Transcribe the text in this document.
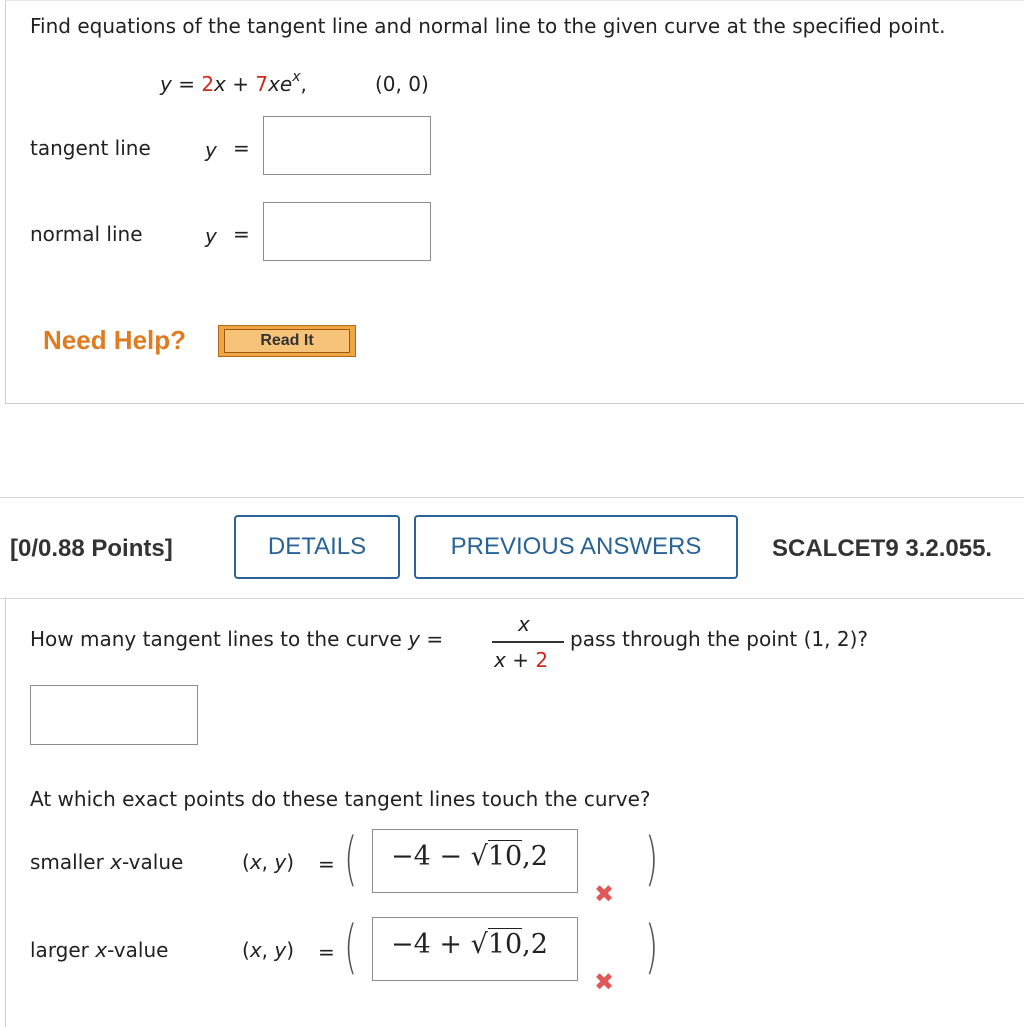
Find equations of the tangent line and normal line to the given curve at the specified point.
$y = 2x + 7xe^x$,	(0, 0)
tangent line	y =
normal line	y =
Need Help?	Read It
[0/0.88 Points]	DETAILS	PREVIOUS ANSWERS	SCALCET9 3.2.055.
How many tangent lines to the curve y =
x
x + 2
pass through the point (1, 2)?
At which exact points do these tangent lines touch the curve?
smaller x-value	(x, y) = ( −4 − √10,2
✖ )
larger x-value	(x, y) = ( −4 + √10,2
✖ )
